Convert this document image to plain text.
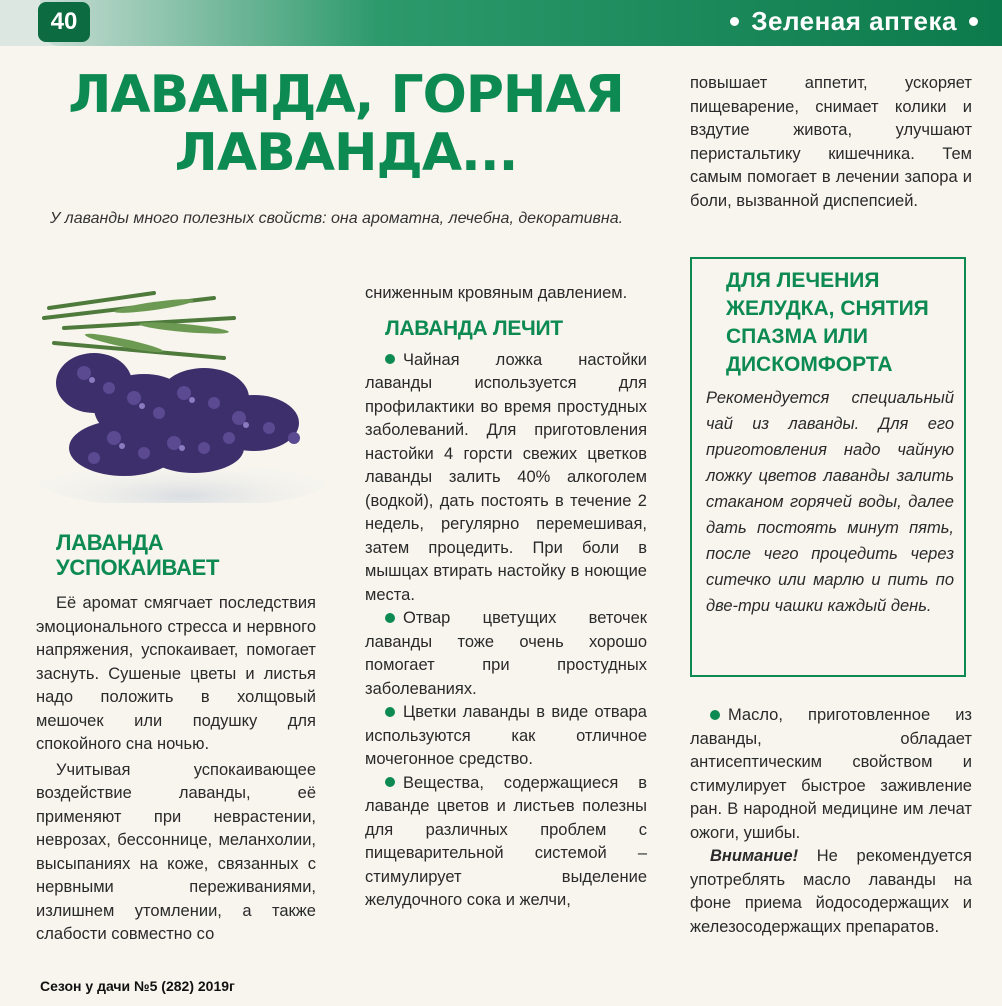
40	Зеленая аптека
ЛАВАНДА, ГОРНАЯ
ЛАВАНДА...

У лаванды много полезных свойств: она ароматна, лечебна, декоративна.

ЛАВАНДА
УСПОКАИВАЕТ

Её аромат смягчает последствия эмоционального стресса и нервного напряжения, успокаивает, помогает заснуть. Сушеные цветы и листья надо положить в холщовый мешочек или подушку для спокойного сна ночью.

Учитывая успокаивающее воздействие лаванды, её применяют при неврастении, неврозах, бессоннице, меланхолии, высыпаниях на коже, связанных с нервными переживаниями, излишнем утомлении, а также слабости совместно со

сниженным кровяным давлением.

ЛАВАНДА ЛЕЧИТ

Чайная ложка настойки лаванды используется для профилактики во время простудных заболеваний. Для приготовления настойки 4 горсти свежих цветков лаванды залить 40% алкоголем (водкой), дать постоять в течение 2 недель, регулярно перемешивая, затем процедить. При боли в мышцах втирать настойку в ноющие места.

Отвар цветущих веточек лаванды тоже очень хорошо помогает при простудных заболеваниях.

Цветки лаванды в виде отвара используются как отличное мочегонное средство.

Вещества, содержащиеся в лаванде цветов и листьев полезны для различных проблем с пищеварительной системой – стимулирует выделение желудочного сока и желчи,

повышает аппетит, ускоряет пищеварение, снимает колики и вздутие живота, улучшают перистальтику кишечника. Тем самым помогает в лечении запора и боли, вызванной диспепсией.

ДЛЯ ЛЕЧЕНИЯ
ЖЕЛУДКА, СНЯТИЯ
СПАЗМА ИЛИ
ДИСКОМФОРТА

Рекомендуется специальный чай из лаванды. Для его приготовления надо чайную ложку цветов лаванды залить стаканом горячей воды, далее дать постоять минут пять, после чего процедить через ситечко или марлю и пить по две-три чашки каждый день.

Масло, приготовленное из лаванды, обладает антисептическим свойством и стимулирует быстрое заживление ран. В народной медицине им лечат ожоги, ушибы.

Внимание! Не рекомендуется употреблять масло лаванды на фоне приема йодосодержащих и железосодержащих препаратов.

Сезон у дачи №5 (282) 2019г
